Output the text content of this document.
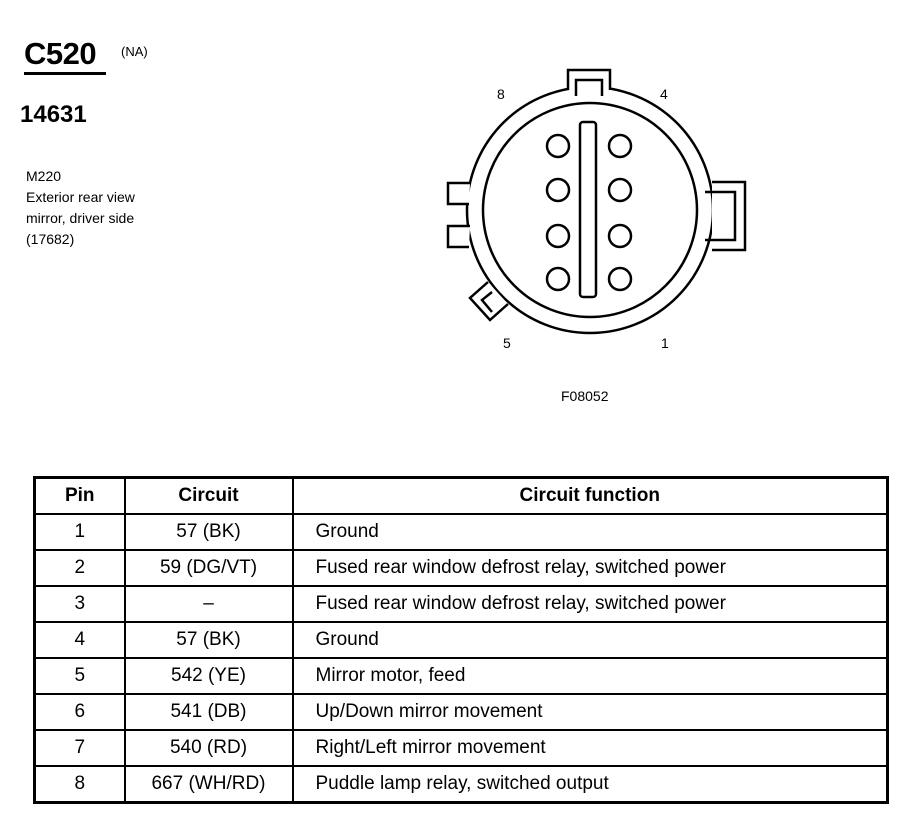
C520 (NA)
14631
M220
Exterior rear view
mirror, driver side
(17682)
8	4
5	1
F08052
Pin	Circuit	Circuit function
1	57 (BK)	Ground
2	59 (DG/VT)	Fused rear window defrost relay, switched power
3	–	Fused rear window defrost relay, switched power
4	57 (BK)	Ground
5	542 (YE)	Mirror motor, feed
6	541 (DB)	Up/Down mirror movement
7	540 (RD)	Right/Left mirror movement
8	667 (WH/RD)	Puddle lamp relay, switched output
